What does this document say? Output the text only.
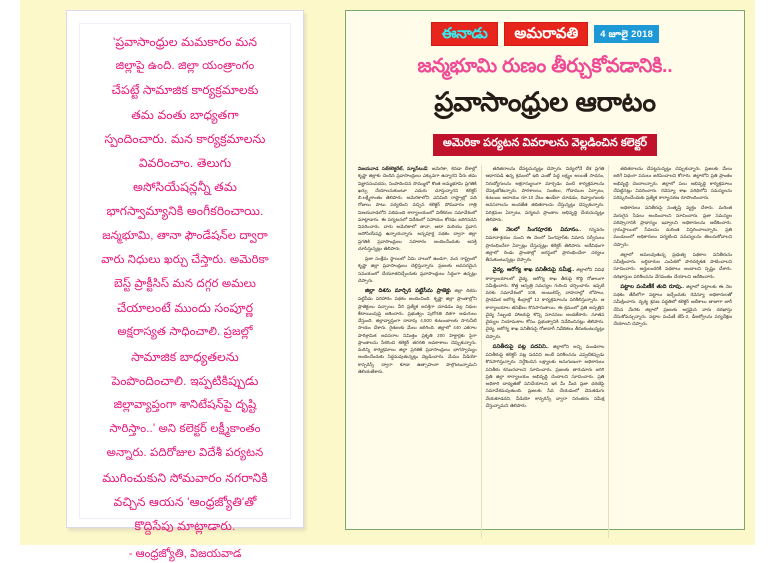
'ప్రవాసాంధ్రుల మమకారం మన
జిల్లాపై ఉంది. జిల్లా యంత్రాంగం
చేపట్టే సామాజిక కార్యక్రమాలకు
తమ వంతు బాధ్యతగా
స్పందించారు. మన కార్యక్రమాలను
వివరించాం. తెలుగు
అసోసియేషన్లన్నీ తమ
భాగస్వామ్యానికి అంగీకరించాయి.
జన్మభూమి, తానా ఫౌండేషన్‌ల ద్వారా
వారు నిధులు ఖర్చు చేస్తారు. అమెరికా
బెస్ట్ ప్రాక్టీసిస్ మన దగ్గర అమలు
చేయాలంటే ముందు సంపూర్ణ
అక్షరాస్యత సాధించాలి. ప్రజల్లో
సామాజిక బాధ్యతలను
పెంపొందించాలి. ఇప్పటికిప్పుడు
జిల్లావ్యాప్తంగా శానిటేషన్‌పై దృష్టి
సారిస్తాం..' అని కలెక్టర్ లక్ష్మీకాంతం
అన్నారు. పదిరోజుల విదేశీ పర్యటన
ముగించుకుని సోమవారం నగరానికి
వచ్చిన ఆయన 'ఆంధ్రజ్యోతి'తో
కొద్దిసేపు మాట్లాడారు.
- ఆంధ్రజ్యోతి, విజయవాడ
ఈనాడు	అమరావతి	4 జూలై 2018
జన్మభూమి రుణం తీర్చుకోవడానికి..
ప్రవాసాంధ్రుల ఆరాటం
అమెరికా పర్యటన వివరాలను వెల్లడించిన కలెక్టర్

విజయవాడ సబ్‌కలెక్టరేట్, న్యూస్‌టుడే: అమెరికా, కెనడా దేశాల్లో కృష్ణా జిల్లాకు చెందిన ప్రవాసాంధ్రులు ఎక్కువగా ఉన్నారని వీరు తమ విజ్ఞానసంపదను, సంపాదించిన సొమ్ములో కొంత అమ్మభూమి ప్రగతికి ఖర్చు చేయాలనుకుంటూ ఎదురు చూస్తున్నారని కలెక్టర్ బి.లక్ష్మీకాంతం తెలిపారు. అమెరికాలోని ఎనిమిది రాష్ట్రాల్లో పది రోజులు పాటు పర్యటించి వచ్చిన కలెక్టర్ సోమవారం రాత్రి విజయవాడలోని పదిమంది కార్యాలయంలో విలేకరుల సమావేశంలో మాట్లాడారు. ఈ పర్యటనలో విదేశంలో సహాయం కోరడం జరిగినదని వివరించారు. వారు అమెరికాలో తానా, ఆటా మరియు ప్రవాస అసోసియేషన్ల ఉన్నాయన్నారు. అన్నపూర్ణ పథకం ద్వారా జిల్లా ప్రగతికి ప్రవాసాంధ్రులు సహకారం అందించేందుకు ఆసక్తి చూపిస్తున్నట్లు తెలిపారు.

ప్రజా సంక్షేమ స్థాయిలో ఏమి నాలుగో ఉండగా, మన రాష్ట్రంలో కృష్ణా జిల్లా ప్రవాసాంధ్రులు చెల్లిస్తున్నారు. ప్రజలకు అవసరమైన సమయంలో చేయూతనిచ్చేందుకు ప్రవాసాంధ్రులు సిద్ధంగా ఉన్నట్లు చెప్పారు.

జిల్లా దిశను మార్చిన పట్టిసీమ ప్రాజెక్టు జిల్లా దిశను పట్టిసీమ పరిహారం పథకం అందించింది. కృష్ణా జిల్లా ప్రాంతాల్లోని ప్రాజెక్టులు వచ్చాయి. వీరి ప్రత్యేక ఆసక్తిగా చూడడం వల్ల నిధుల కేటాయింపుపై ఆశించారు. ప్రభుత్వం పురోగతి దిశగా అడుగులు వేస్తుంది. జిల్లావ్యాప్తంగా దాదాపు 4,500 కుటుంబాలకు సాగునీటి సాయం చేశారు. రైతులకు మేలు జరిగింది. జిల్లాలో 440 ఎకరాల పారిశ్రామిక అవసరాల నిమిత్తం ప్రకృతి 200 హెక్టార్లకు పైగా ప్రాంతాలను సేకరించి కలెక్టర్ తరగతి అవకాశాలు చెప్పుకున్నారు. మరిన్ని కార్యక్రమాలు జిల్లా ప్రగతికి ప్రవాసాంధ్రులు భాగస్వామ్యం అందించేందుకు సిద్ధమవుతున్నట్లు వెల్లడించారు. మేము వీడియో కాన్ఫరెన్స్ ద్వారా కూడా ఉత్సాహంగా పాల్గొంటున్నామని తెలియజేశారు.

తదితరాలను చేపట్టనున్నట్లు చెప్పారు. విద్యలోనే దేశ ప్రగతి ఆధారపడి ఉన్న క్రమంలో ఇది ఎంతో పెద్ద లక్ష్యం అయితే సాధనం, నిరుద్యోగులను అక్షరాస్యులుగా మార్చడం వంటి కార్యక్రమాలను చేపట్టబోతున్నారు. పాఠశాలలు, సంతలు, గోదాముల ఏర్పాటు, కుటుంబ ఆదాయం రూ.10 వేలు ఉండేలా చూడడం, దివ్యాంగులకు అవసరాలను అందజేత తదితరాలను చేస్తున్నట్లు చెప్పుకున్నారు. పరిశ్రమల ఏర్పాటు, పర్యటన ప్రాంతాల అభివృద్ధి చేయనున్నట్లు తెలిపారు.

ఈ నెలలో సింగపూరకు విమానం.. గన్నవరం విమానాశ్రయం నుంచి ఈ నెలలో సింగపూర్‌కు విమాన సర్వీసులు ప్రారంభించేలా ఏర్పాట్లు చేస్తున్నట్లు కలెక్టర్ తెలిపారు. అదేవిధంగా జిల్లాలో రెండు ప్రాంతాల్లో ఆగస్టులో ప్రారంభించేలా చర్యలు తీసుకుంటున్నట్లు చెప్పారు.

వైద్య, ఆరోగ్య శాఖ పనితీరుపై సమీక్ష.. జిల్లాలోని వివిధ కార్యాలయాలలో వైద్య, ఆరోగ్య శాఖ తీరుపై కొద్ది రోజులుగా సమీక్షించారు. కొత్త ఆస్పత్రి సమస్యల గురించి చర్చించారు. ఇప్పటి వరకు సమావేశంలో 108, అంబులెన్స్ వాహనాల్లో లోపాలు, ప్రాథమిక ఆరోగ్య కేంద్రాల్లో 12 కార్యక్రమాలను పరిశీలిస్తున్నారు. ఆ కార్యాలయాల తనిఖీలు కొనసాగుతాయి. ఈ క్రమంలో ప్రతి ఆస్పత్రిని వైద్య సిబ్బంది హాజరుపై కొన్ని సూచనలు అందజేశారు. నూతన వైద్యుల నియామకాల కోసం ప్రభుత్వానికి నివేదించినట్లు తెలిపారు. వైద్య, ఆరోగ్య శాఖ పనితీరుపై రోజువారీ నివేదికలు తీసుకుంటున్నట్లు చెప్పారు.

పనితీరుపై పట్ల పదవిని.. జిల్లాలోని అన్ని మండలాల పనితీరుపై కలెక్టర్ పట్ల పదవిని అందే పరిశీలనను ఎప్పటికప్పుడు కొనసాగిస్తున్నారు. నిర్దేశించిన లక్ష్యాలకు అనుగుణంగా అధికారులు పనితీరు కనబరచాలని సూచించారు. ప్రజలకు తారుమారు జరిగి ప్రతి జిల్లా కార్యాలయం అభివృద్ధి చెందాలని సూచించారు. ప్రతి అధికారి బాధ్యతతో పనిచేయాలని ఇక మీ మీద ప్రజా ధరణిపై సమావేశమవుతుంది. ప్రజలకు సేవ చేయడంలో వెనుకడుగు వేయకూడదని, వీడియో కాన్ఫరెన్స్ ద్వారా నిరంతరం సమీక్ష చేస్తున్నామని తెలిపారు.

తదితరాలను చేపట్టనున్నట్లు చెప్పుకున్నారు. ప్రజలకు మేలు జరిగే విధంగా పనులు జరిపించాలని కోరారు. జిల్లాలోని ప్రతి ప్రాంతం అభివృద్ధి చెందాలన్నారు. జిల్లాలో పలు అభివృద్ధి కార్యక్రమాలు చేపట్టినట్లు వివరించారు. రెవెన్యూ శాఖ పరిధిలోని సమస్యలను పరిష్కరించేందుకు ప్రత్యేక కార్యాచరణ రూపొందించారు.

అధికారులు పనితీరుపై సంతృప్తి వ్యక్తం చేశారు. మరింత మెరుగైన సేవలు అందించాలని సూచించారు. ప్రజా సమస్యల పరిష్కారానికి ప్రాధాన్యం ఇవ్వాలని అధికారులను ఆదేశించారు. గ్రామస్థాయిలో సేవలను మరింత విస్తరించాలన్నారు. ప్రతి మండలంలో అధికారులు పర్యటించి సమస్యలను తెలుసుకోవాలని చెప్పారు.

జిల్లాలో అమలవుతున్న ప్రభుత్వ పథకాల పనితీరును సమీక్షించారు. లబ్ధిదారుల ఎంపికలో పారదర్శకత పాటించాలని సూచించారు. అర్హులందరికీ పథకాలు అందాలని స్పష్టం చేశారు. దరఖాస్తుల పరిశీలనను వేగవంతం చేయాలని ఆదేశించారు.

పట్టాల పంపిణీకే తుది రూపు.. జిల్లాలో పట్టాలకు ఈ నెల పథకం తేదీలోగా పట్టాలు ఇచ్చేందుకు రెవెన్యూ అధికారులతో సమీక్షించారు. దృశ్య శ్రవణ పద్ధతిలో కలెక్టర్ ఆదేశాలు తాజాగా జారీ చేసిన మేరకు జిల్లాలో ప్రజలకు అర్హమైన వారు దరఖాస్తు చేసుకోవచ్చున్నారు. పట్టాల పంపిణీ జేసీ-2, డీఆర్వోలను పర్యవేక్షణ చేయాలని చెప్పారు.
